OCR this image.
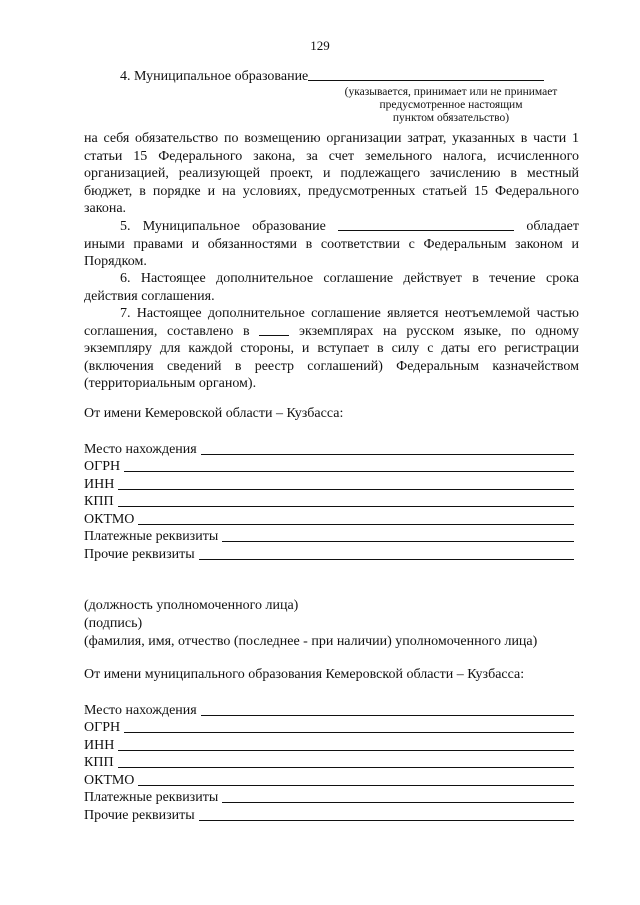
129
4. Муниципальное образование
(указывается, принимает или не принимает
предусмотренное настоящим
пунктом обязательство)
на себя обязательство по возмещению организации затрат, указанных в части 1 статьи 15 Федерального закона, за счет земельного налога, исчисленного организацией, реализующей проект, и подлежащего зачислению в местный бюджет, в порядке и на условиях, предусмотренных статьей 15 Федерального закона.
5. Муниципальное образование	обладает иными правами и обязанностями в соответствии с Федеральным законом и Порядком.
6. Настоящее дополнительное соглашение действует в течение срока действия соглашения.
7. Настоящее дополнительное соглашение является неотъемлемой частью соглашения, составлено в	экземплярах на русском языке, по одному экземпляру для каждой стороны, и вступает в силу с даты его регистрации (включения сведений в реестр соглашений) Федеральным казначейством (территориальным органом).
От имени Кемеровской области – Кузбасса:
Место нахождения
ОГРН
ИНН
КПП
ОКТМО
Платежные реквизиты
Прочие реквизиты
(должность уполномоченного лица)
(подпись)
(фамилия, имя, отчество (последнее - при наличии) уполномоченного лица)
От имени муниципального образования Кемеровской области – Кузбасса:
Место нахождения
ОГРН
ИНН
КПП
ОКТМО
Платежные реквизиты
Прочие реквизиты
